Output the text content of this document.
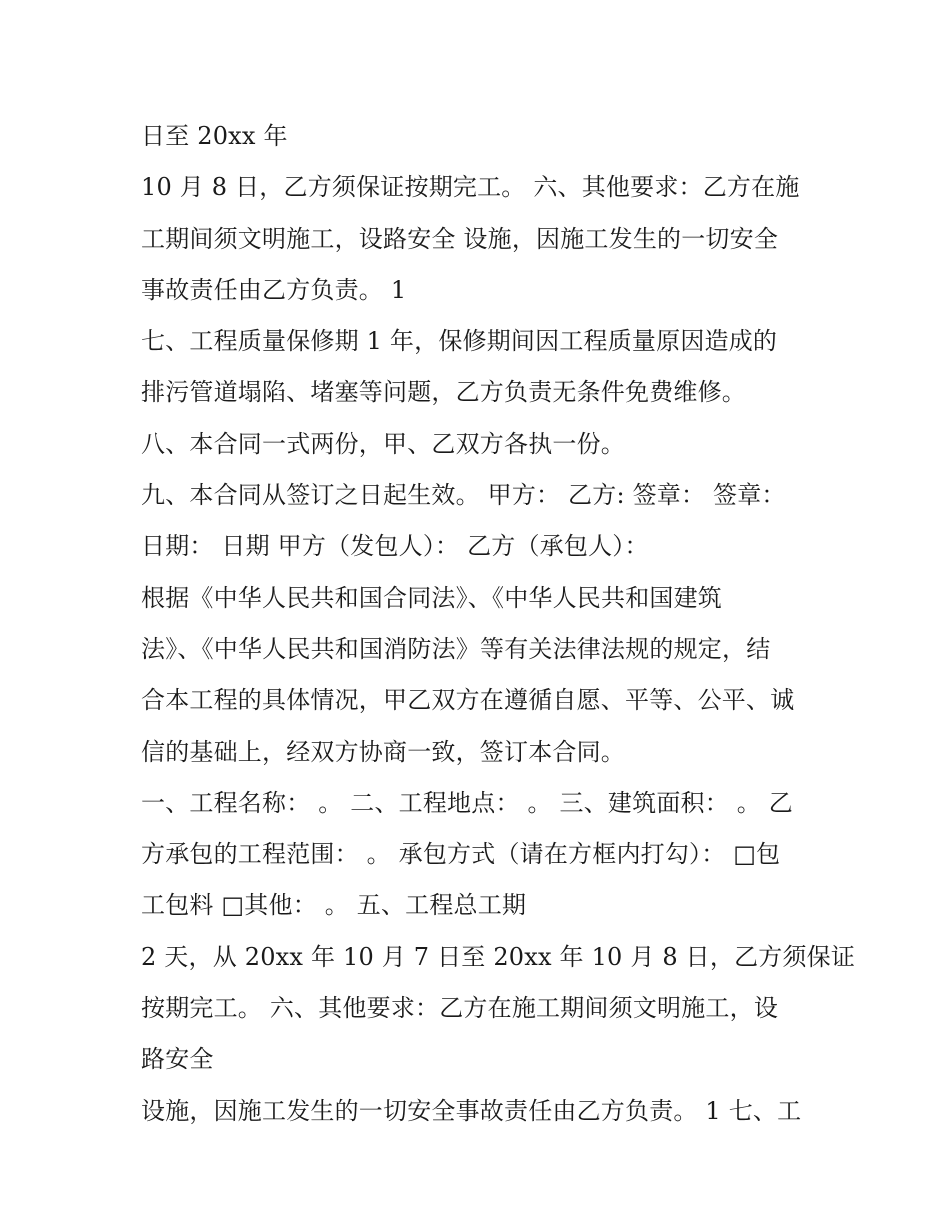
日至 20xx 年
10 月 8 日，乙方须保证按期完工。 六、其他要求：乙方在施
工期间须文明施工，设路安全 设施，因施工发生的一切安全
事故责任由乙方负责。 1
七、工程质量保修期 1 年，保修期间因工程质量原因造成的
排污管道塌陷、堵塞等问题，乙方负责无条件免费维修。
八、本合同一式两份，甲、乙双方各执一份。
九、本合同从签订之日起生效。 甲方： 乙方: 签章： 签章：
日期： 日期 甲方（发包人）： 乙方（承包人）：
根据《中华人民共和国合同法》、《中华人民共和国建筑
法》、《中华人民共和国消防法》等有关法律法规的规定，结
合本工程的具体情况，甲乙双方在遵循自愿、平等、公平、诚
信的基础上，经双方协商一致，签订本合同。
一、工程名称： 。 二、工程地点： 。 三、建筑面积： 。 乙
方承包的工程范围： 。 承包方式（请在方框内打勾）： □包
工包料 □其他： 。 五、工程总工期
2 天，从 20xx 年 10 月 7 日至 20xx 年 10 月 8 日，乙方须保证
按期完工。 六、其他要求：乙方在施工期间须文明施工，设
路安全
设施，因施工发生的一切安全事故责任由乙方负责。 1 七、工
